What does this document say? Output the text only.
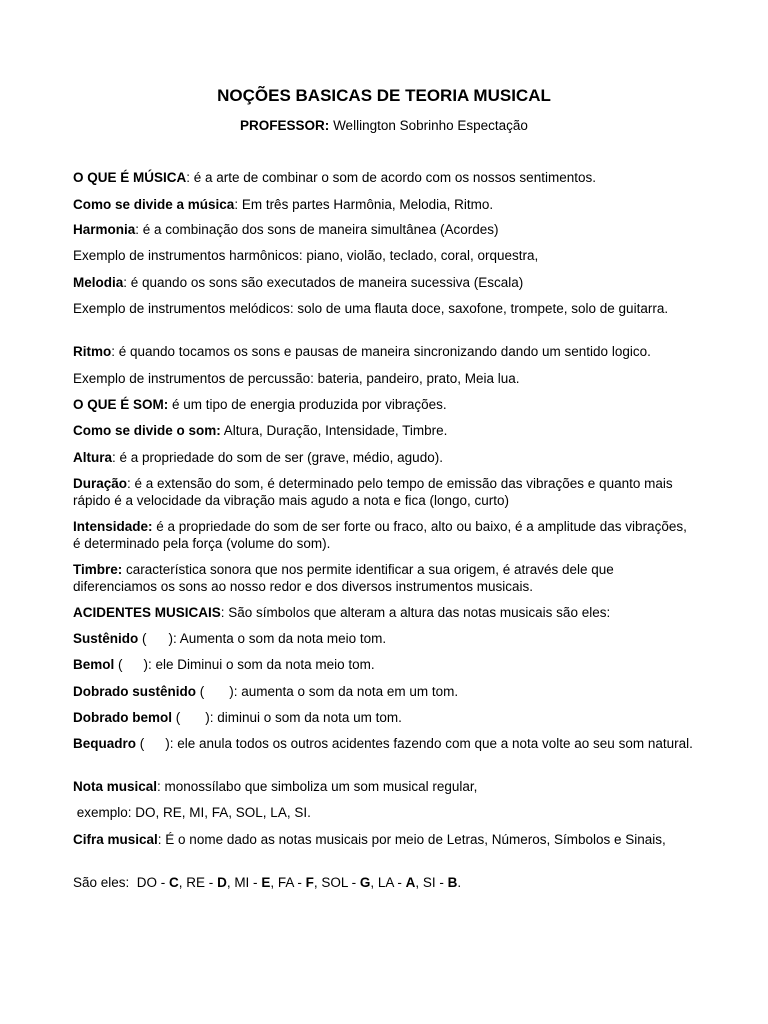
NOÇÕES BASICAS DE TEORIA MUSICAL
PROFESSOR: Wellington Sobrinho Espectação
O QUE É MÚSICA: é a arte de combinar o som de acordo com os nossos sentimentos.
Como se divide a música: Em três partes Harmônia, Melodia, Ritmo.
Harmonia: é a combinação dos sons de maneira simultânea (Acordes)
Exemplo de instrumentos harmônicos: piano, violão, teclado, coral, orquestra,
Melodia: é quando os sons são executados de maneira sucessiva (Escala)
Exemplo de instrumentos melódicos: solo de uma flauta doce, saxofone, trompete, solo de guitarra.
Ritmo: é quando tocamos os sons e pausas de maneira sincronizando dando um sentido logico.
Exemplo de instrumentos de percussão: bateria, pandeiro, prato, Meia lua.
O QUE É SOM: é um tipo de energia produzida por vibrações.
Como se divide o som: Altura, Duração, Intensidade, Timbre.
Altura: é a propriedade do som de ser (grave, médio, agudo).
Duração: é a extensão do som, é determinado pelo tempo de emissão das vibrações e quanto mais rápido é a velocidade da vibração mais agudo a nota e fica (longo, curto)
Intensidade: é a propriedade do som de ser forte ou fraco, alto ou baixo, é a amplitude das vibrações, é determinado pela força (volume do som).
Timbre: característica sonora que nos permite identificar a sua origem, é através dele que diferenciamos os sons ao nosso redor e dos diversos instrumentos musicais.
ACIDENTES MUSICAIS: São símbolos que alteram a altura das notas musicais são eles:
Sustênido ( ): Aumenta o som da nota meio tom.
Bemol ( ): ele Diminui o som da nota meio tom.
Dobrado sustênido ( ): aumenta o som da nota em um tom.
Dobrado bemol ( ): diminui o som da nota um tom.
Bequadro ( ): ele anula todos os outros acidentes fazendo com que a nota volte ao seu som natural.
Nota musical: monossílabo que simboliza um som musical regular,
exemplo: DO, RE, MI, FA, SOL, LA, SI.
Cifra musical: É o nome dado as notas musicais por meio de Letras, Números, Símbolos e Sinais,
São eles:  DO - C, RE - D, MI - E, FA - F, SOL - G, LA - A, SI - B.
